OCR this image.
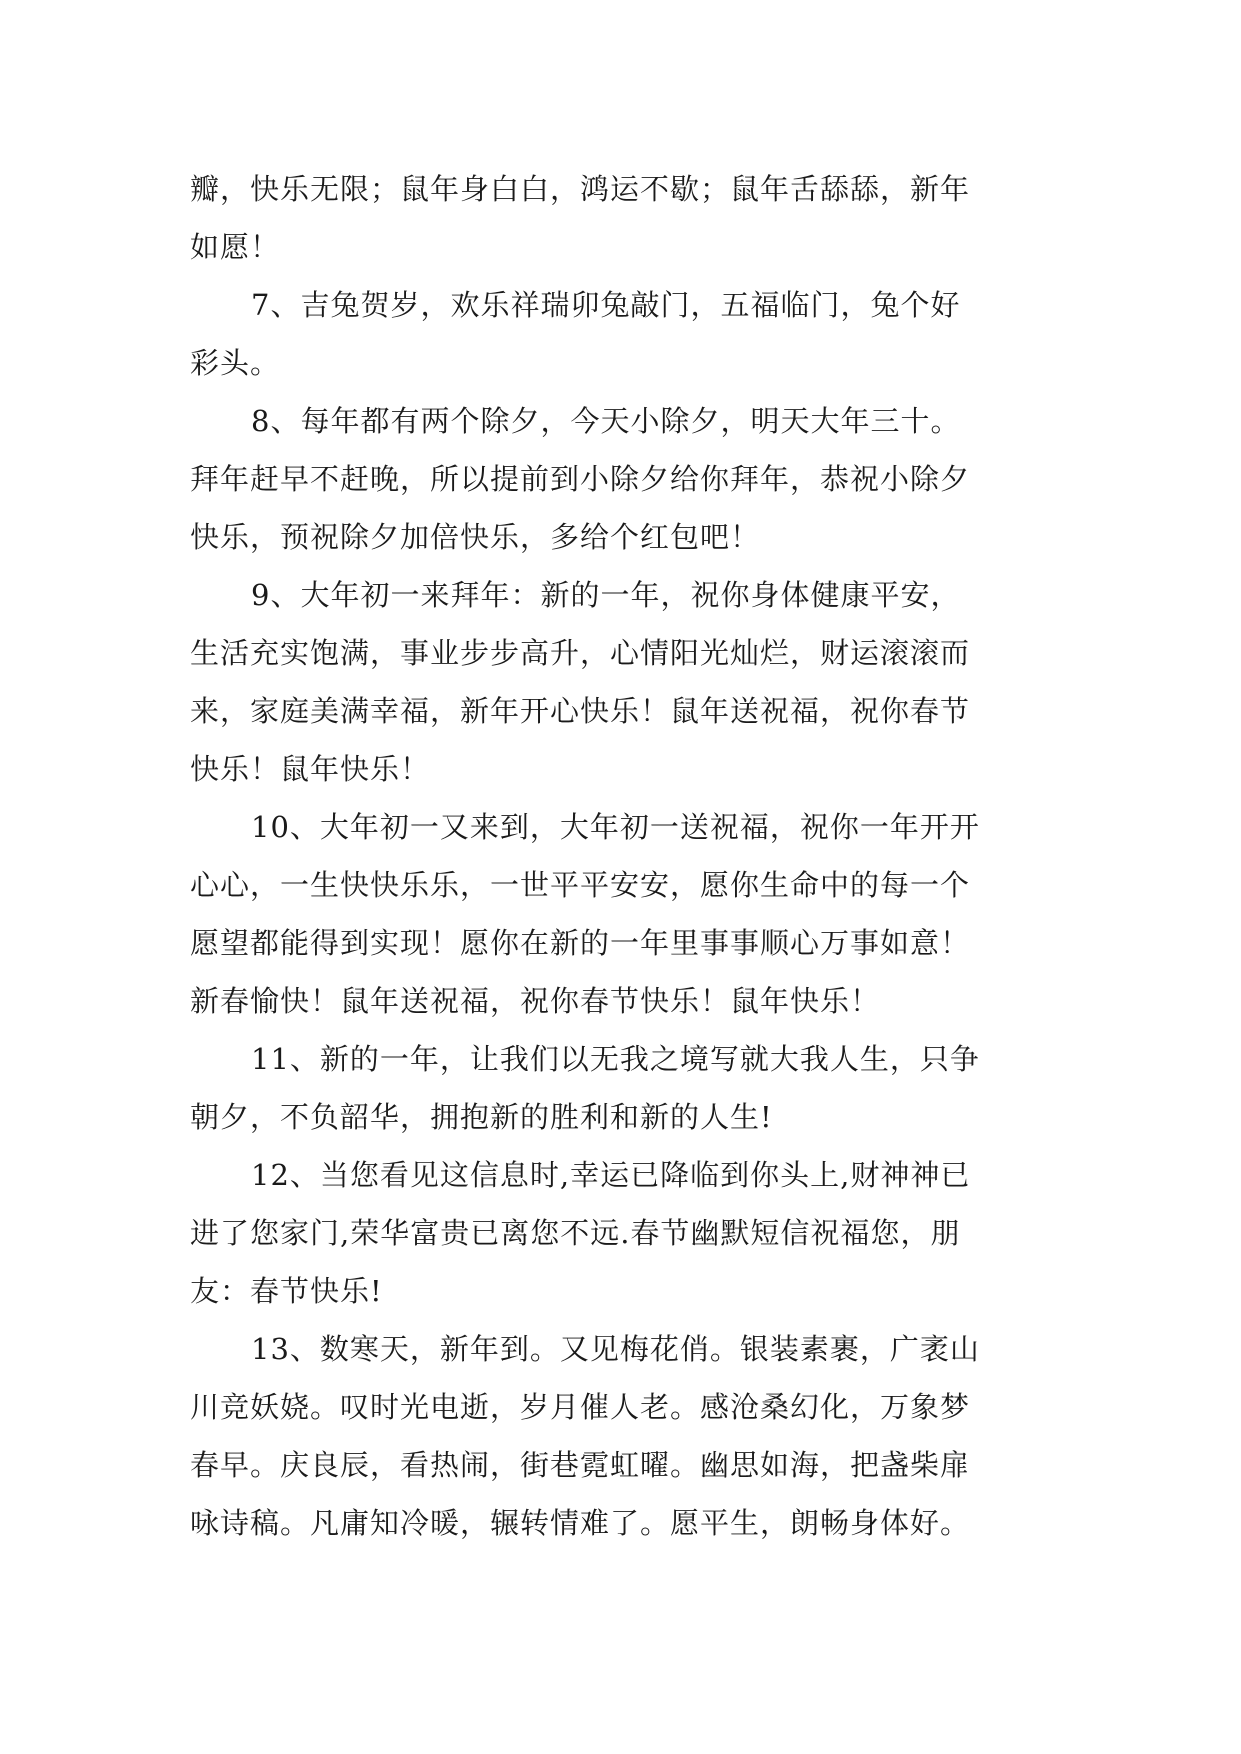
瓣，快乐无限；鼠年身白白，鸿运不歇；鼠年舌舔舔，新年
如愿！

7、吉兔贺岁，欢乐祥瑞卯兔敲门，五福临门，兔个好
彩头。

8、每年都有两个除夕，今天小除夕，明天大年三十。
拜年赶早不赶晚，所以提前到小除夕给你拜年，恭祝小除夕
快乐，预祝除夕加倍快乐，多给个红包吧！

9、大年初一来拜年：新的一年，祝你身体健康平安，
生活充实饱满，事业步步高升，心情阳光灿烂，财运滚滚而
来，家庭美满幸福，新年开心快乐！鼠年送祝福，祝你春节
快乐！鼠年快乐！

10、大年初一又来到，大年初一送祝福，祝你一年开开
心心，一生快快乐乐，一世平平安安，愿你生命中的每一个
愿望都能得到实现！愿你在新的一年里事事顺心万事如意！
新春愉快！鼠年送祝福，祝你春节快乐！鼠年快乐！

11、新的一年，让我们以无我之境写就大我人生，只争
朝夕，不负韶华，拥抱新的胜利和新的人生!

12、当您看见这信息时,幸运已降临到你头上,财神神已
进了您家门,荣华富贵已离您不远.春节幽默短信祝福您，朋
友：春节快乐!

13、数寒天，新年到。又见梅花俏。银装素裹，广袤山
川竞妖娆。叹时光电逝，岁月催人老。感沧桑幻化，万象梦
春早。庆良辰，看热闹，街巷霓虹曜。幽思如海，把盏柴扉
咏诗稿。凡庸知冷暖，辗转情难了。愿平生，朗畅身体好。
